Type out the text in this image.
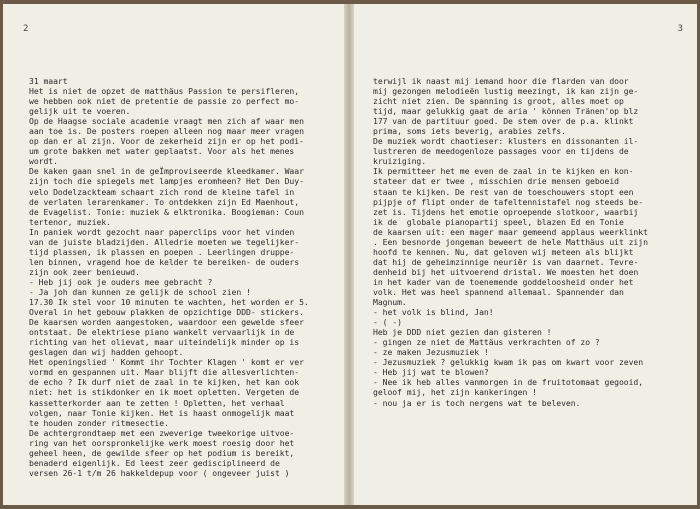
2
31 maart
Het is niet de opzet de matthäus Passion te persifleren,
we hebben ook niet de pretentie de passie zo perfect mo-
gelijk uit te voeren.
Op de Haagse sociale academie vraagt men zich af waar men
aan toe is. De posters roepen alleen nog maar meer vragen
op dan er al zijn. Voor de zekerheid zijn er op het podi-
um grote bakken met water geplaatst. Voor als het menes
wordt.
De kaken gaan snel in de geÏmproviseerde kleedkamer. Waar
zijn toch die spiegels met lampjes eromheen? Het Den Duy-
velo Dodelzackteam schaart zich rond de kleine tafel in
de verlaten lerarenkamer. To ontdekken zijn Ed Maenhout,
de Evagelist. Tonie: muziek & elktronika. Boogieman: Coun
tertenor, muziek.
In paniek wordt gezocht naar paperclips voor het vinden
van de juiste bladzijden. Alledrie moeten we tegelijker-
tijd plassen, ik plassen en poepen . Leerlingen druppe-
len binnen, vragend hoe de kelder te bereiken- de ouders
zijn ook zeer benieuwd.
- Heb jij ook je ouders mee gebracht ?
- Ja joh dan kunnen ze gelijk de school zien !
17.30 Ik stel voor 10 minuten te wachten, het worden er 5.
Overal in het gebouw plakken de opzichtige DDD- stickers.
De kaarsen worden aangestoken, waardoor een gewelde sfeer
ontstaat. De elektriese piano wankelt vervaarlijk in de
richting van het olievat, maar uiteindelijk minder op is
geslagen dan wij hadden gehoopt.
Het openingslied ' Kommt ihr Tochter Klagen ' komt er ver
vormd en gespannen uit. Maar blijft die allesverlichten-
de echo ? Ik durf niet de zaal in te kijken, het kan ook
niet: het is stikdonker en ik moet opletten. Vergeten de
kassetterkorder aan te zetten ! Opletten, het verhaal
volgen, naar Tonie kijken. Het is haast onmogelijk maat
te houden zonder ritmesectie.
De achtergrondtaep met een zweverige tweekorige uitvoe-
ring van het oorspronkelijke werk moest roesig door het
geheel heen, de gewilde sfeer op het podium is bereikt,
benaderd eigenlijk. Ed leest zeer gedisciplineerd de
versen 26-1 t/m 26 hakkeldepup voor ( ongeveer juist )
3
terwijl ik naast mij iemand hoor die flarden van door
mij gezongen melodieën lustig meezingt, ik kan zijn ge-
zicht niet zien. De spanning is groot, alles moet op
tijd, maar gelukkig gaat de aria ' können Tränen'op blz
177 van de partituur goed. De stem over de p.a. klinkt
prima, soms iets beverig, arabies zelfs.
De muziek wordt chaotieser: klusters en dissonanten il-
lustreren de meedogenloze passages voor en tijdens de
kruiziging.
Ik permitteer het me even de zaal in te kijken en kon-
stateer dat er twee , misschien drie mensen geboeid
staan te kijken. De rest van de toeschouwers stopt een
pijpje of flipt onder de tafeltennistafel nog steeds be-
zet is. Tijdens het emotie oproepende slotkoor, waarbij
ik de  globale pianopartij speel, blazen Ed en Tonie
de kaarsen uit: een mager maar gemeend applaus weerklinkt
. Een besnorde jongeman beweert de hele Matthäus uit zijn
hoofd te kennen. Nu, dat geloven wij meteen als blijkt
dat hij de geheimzinnige neuriër is van daarnet. Tevre-
denheid bij het uitvoerend dristal. We moesten het doen
in het kader van de toenemende goddeloosheid onder het
volk. Het was heel spannend allemaal. Spannender dan
Magnum.
- het volk is blind, Jan!
- ( -)
Heb je DDD niet gezien dan gisteren !
- gingen ze niet de Mattäus verkrachten of zo ?
- ze maken Jezusmuziek !
- Jezusmuziek ? gelukkig kwam ik pas om kwart voor zeven
- Heb jij wat te blowen?
- Nee ik heb alles vanmorgen in de fruitotomaat gegooid,
geloof mij, het zijn kankeringen !
- nou ja er is toch nergens wat te beleven.
